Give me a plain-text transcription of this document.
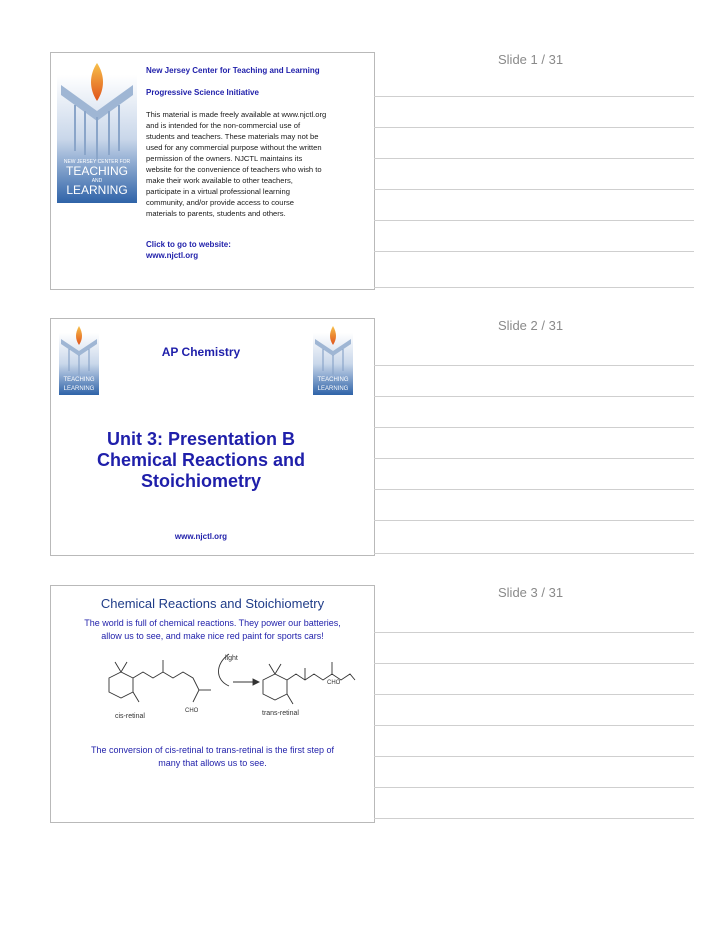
NEW JERSEY CENTER FOR
TEACHING
AND
LEARNING
New Jersey Center for Teaching and Learning
Progressive Science Initiative
This material is made freely available at www.njctl.org
and is intended for the non-commercial use of
students and teachers. These materials may not be
used for any commercial purpose without the written
permission of the owners. NJCTL maintains its
website for the convenience of teachers who wish to
make their work available to other teachers,
participate in a virtual professional learning
community, and/or provide access to course
materials to parents, students and others.
Click to go to website:
www.njctl.org
Slide 1 / 31
TEACHING
LEARNING
TEACHING
LEARNING
AP Chemistry
Unit 3: Presentation B
Chemical Reactions and
Stoichiometry
www.njctl.org
Slide 2 / 31
Chemical Reactions and Stoichiometry
The world is full of chemical reactions. They power our batteries,
allow us to see, and make nice red paint for sports cars!
light
CHO
CHO
cis-retinal	trans-retinal
The conversion of cis-retinal to trans-retinal is the first step of
many that allows us to see.
Slide 3 / 31
